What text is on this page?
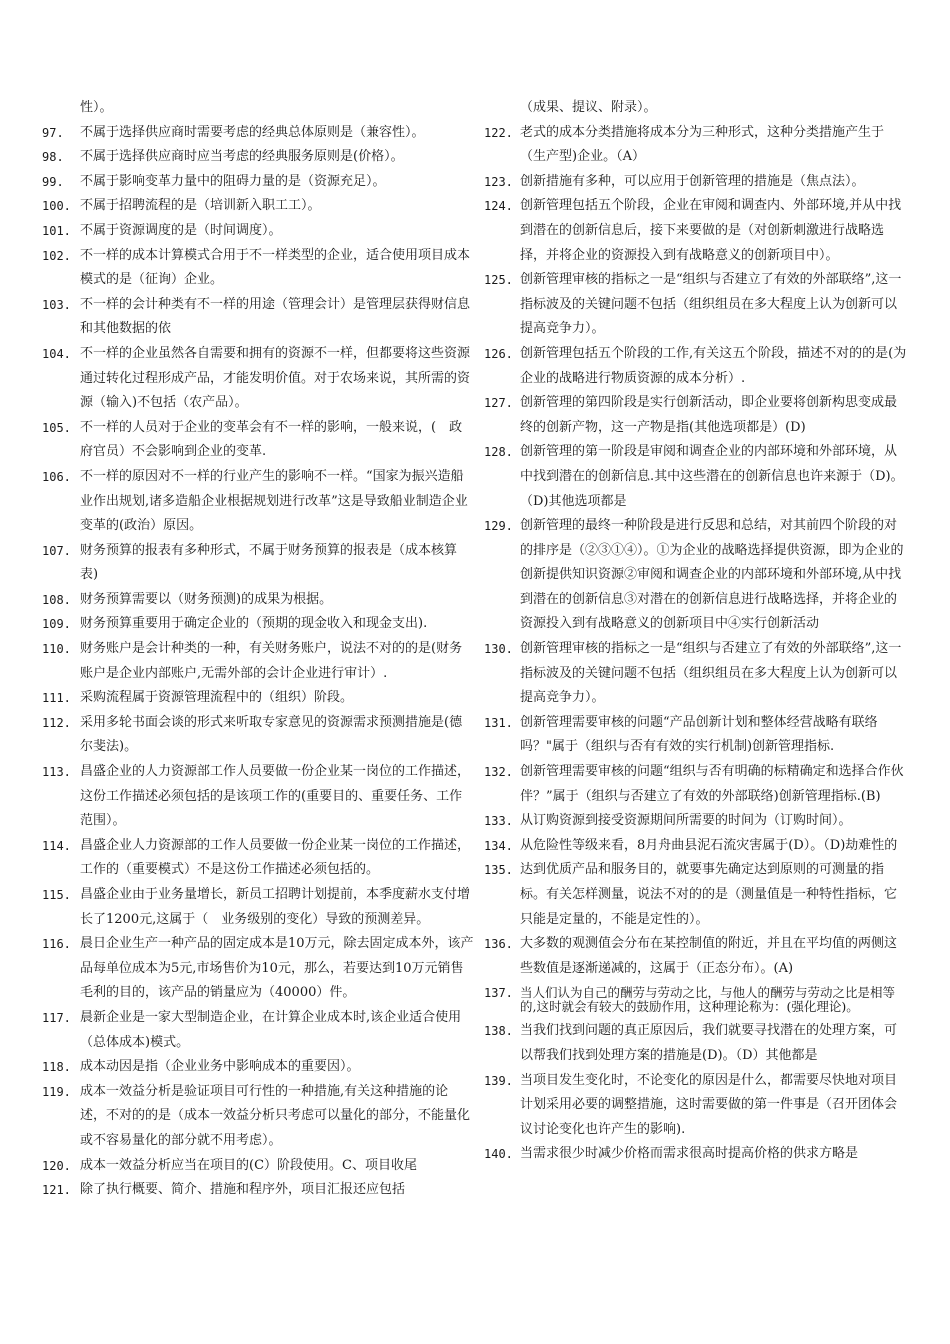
性）。
97.	不属于选择供应商时需要考虑的经典总体原则是（兼容性）。
98.	不属于选择供应商时应当考虑的经典服务原则是(价格）。
99.	不属于影响变革力量中的阻碍力量的是（资源充足）。
100. 不属于招聘流程的是（培训新入职工工）。
101. 不属于资源调度的是（时间调度）。
102. 不一样的成本计算模式合用于不一样类型的企业，适合使用项目成本模式的是（征询）企业。
103. 不一样的会计种类有不一样的用途（管理会计）是管理层获得财信息和其他数据的依
104. 不一样的企业虽然各自需要和拥有的资源不一样，但都要将这些资源通过转化过程形成产品，才能发明价值。对于农场来说，其所需的资源（输入)不包括（农产品）。
105. 不一样的人员对于企业的变革会有不一样的影响，一般来说，(　政府官员）不会影响到企业的变革.
106. 不一样的原因对不一样的行业产生的影响不一样。“国家为振兴造船业作出规划,诸多造船企业根据规划进行改革”这是导致船业制造企业变革的(政治）原因。
107. 财务预算的报表有多种形式，不属于财务预算的报表是（成本核算表)
108. 财务预算需要以（财务预测)的成果为根据。
109. 财务预算重要用于确定企业的（预期的现金收入和现金支出).
110. 财务账户是会计种类的一种，有关财务账户，说法不对的的是(财务账户是企业内部账户,无需外部的会计企业进行审计）.
111. 采购流程属于资源管理流程中的（组织）阶段。
112. 采用多轮书面会谈的形式来听取专家意见的资源需求预测措施是(德尔斐法)。
113. 昌盛企业的人力资源部工作人员要做一份企业某一岗位的工作描述，这份工作描述必须包括的是该项工作的(重要目的、重要任务、工作范围）。
114. 昌盛企业人力资源部的工作人员要做一份企业某一岗位的工作描述，工作的（重要模式）不是这份工作描述必须包括的。
115. 昌盛企业由于业务量增长，新员工招聘计划提前，本季度薪水支付增长了1200元,这属于（　业务级别的变化）导致的预测差异。
116. 晨日企业生产一种产品的固定成本是10万元，除去固定成本外，该产品每单位成本为5元,市场售价为10元，那么，若要达到10万元销售毛利的目的，该产品的销量应为（40000）件。
117. 晨新企业是一家大型制造企业，在计算企业成本时,该企业适合使用（总体成本)模式。
118. 成本动因是指（企业业务中影响成本的重要因）。
119. 成本一效益分析是验证项目可行性的一种措施,有关这种措施的论述，不对的的是（成本一效益分析只考虑可以量化的部分，不能量化或不容易量化的部分就不用考虑）。
120. 成本一效益分析应当在项目的(C）阶段使用。C、项目收尾
121. 除了执行概要、简介、措施和程序外，项目汇报还应包括
（成果、提议、附录）。
122. 老式的成本分类措施将成本分为三种形式，这种分类措施产生于（生产型)企业。（A）
123. 创新措施有多种，可以应用于创新管理的措施是（焦点法）。
124. 创新管理包括五个阶段，企业在审阅和调查内、外部环境,并从中找到潜在的创新信息后，接下来要做的是（对创新刺激进行战略选择，并将企业的资源投入到有战略意义的创新项目中）。
125. 创新管理审核的指标之一是“组织与否建立了有效的外部联络”,这一指标波及的关键问题不包括（组织组员在多大程度上认为创新可以提高竞争力）。
126. 创新管理包括五个阶段的工作,有关这五个阶段，描述不对的的是(为企业的战略进行物质资源的成本分析）.
127. 创新管理的第四阶段是实行创新活动，即企业要将创新构思变成最终的创新产物，这一产物是指(其他选项都是）(D)
128. 创新管理的第一阶段是审阅和调查企业的内部环境和外部环境，从中找到潜在的创新信息.其中这些潜在的创新信息也许来源于（D)。（D)其他选项都是
129. 创新管理的最终一种阶段是进行反思和总结，对其前四个阶段的对的排序是（②③①④）。①为企业的战略选择提供资源，即为企业的创新提供知识资源②审阅和调查企业的内部环境和外部环境,从中找到潜在的创新信息③对潜在的创新信息进行战略选择，并将企业的资源投入到有战略意义的创新项目中④实行创新活动
130. 创新管理审核的指标之一是“组织与否建立了有效的外部联络”,这一指标波及的关键问题不包括（组织组员在多大程度上认为创新可以提高竞争力）。
131. 创新管理需要审核的问题“产品创新计划和整体经营战略有联络吗？"属于（组织与否有有效的实行机制)创新管理指标.
132. 创新管理需要审核的问题“组织与否有明确的标精确定和选择合作伙伴？”属于（组织与否建立了有效的外部联络)创新管理指标.(B)
133. 从订购资源到接受资源期间所需要的时间为（订购时间）。
134. 从危险性等级来看，8月舟曲县泥石流灾害属于(D）。（D)劫难性的
135. 达到优质产品和服务目的，就要事先确定达到原则的可测量的指标。有关怎样测量，说法不对的的是（测量值是一种特性指标，它只能是定量的，不能是定性的）。
136. 大多数的观测值会分布在某控制值的附近，并且在平均值的两侧这些数值是逐渐递减的，这属于（正态分布）。(A)
137. 当人们认为自己的酬劳与劳动之比，与他人的酬劳与劳动之比是相等的,这时就会有较大的鼓励作用，这种理论称为：(强化理论)。
138. 当我们找到问题的真正原因后，我们就要寻找潜在的处理方案，可以帮我们找到处理方案的措施是(D)。（D）其他都是
139. 当项目发生变化时，不论变化的原因是什么，都需要尽快地对项目计划采用必要的调整措施，这时需要做的第一件事是（召开团体会议讨论变化也许产生的影响).
140. 当需求很少时减少价格而需求很高时提高价格的供求方略是
